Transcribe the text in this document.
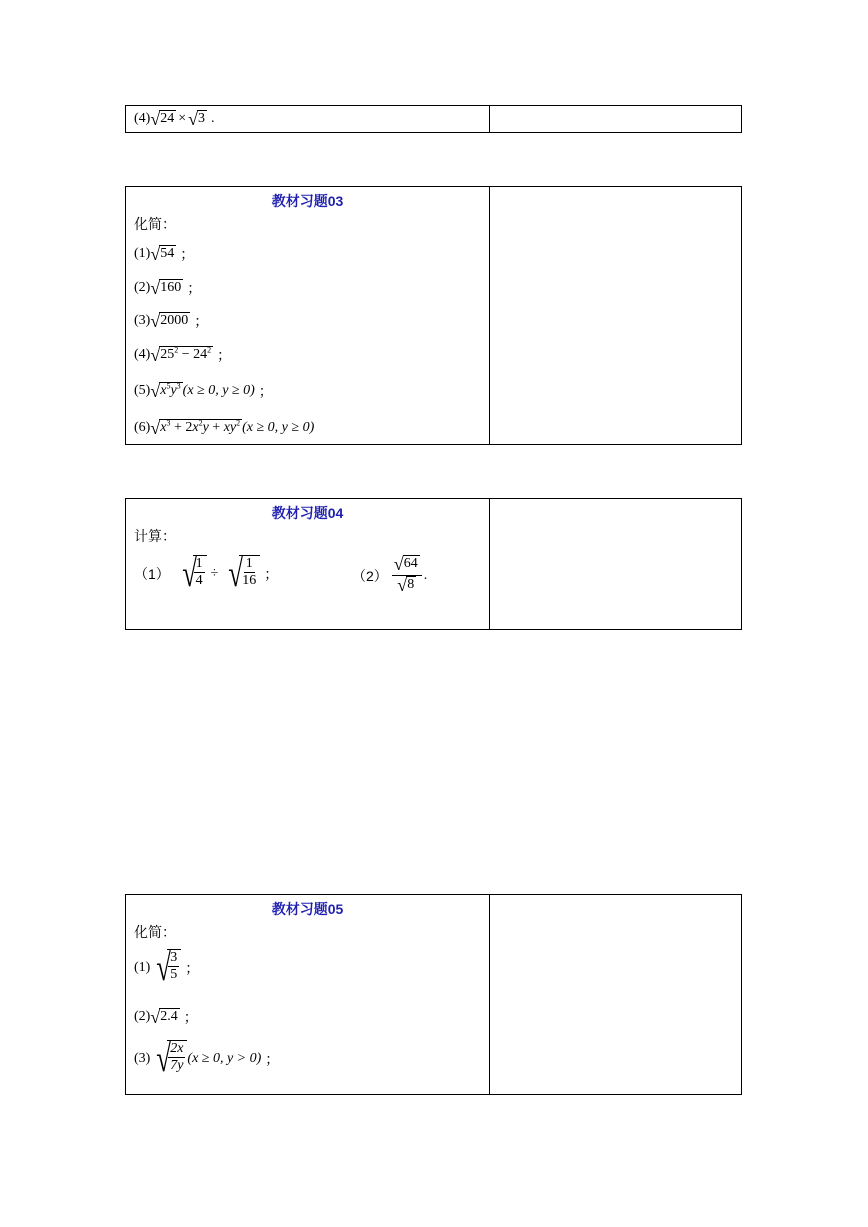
(4) √ 24 × √ 3 .
教材习题03
化简：
(1) √ 54 ；
(2) √ 160 ；
(3) √ 2000 ；
(4) √ $25^2 - 24^2$ ；
(5) √ $x^5y^3$ (x ≥ 0, y ≥ 0) ；
(6) √ $x^3 + 2x^2y + xy^2$ (x ≥ 0, y ≥ 0)
教材习题04
计算：
（1） √
$\frac{1}{4}$ ÷ √
$\frac{1}{16}$ ；	$(2) \frac{√ 64}{√ 8}$ .
教材习题05
化简：
(1) √
$\frac{3}{5}$ ；
(2) √ 2.4 ；
(3) √
$\frac{2x}{7y} (x \ge 0$, y > 0) ；
